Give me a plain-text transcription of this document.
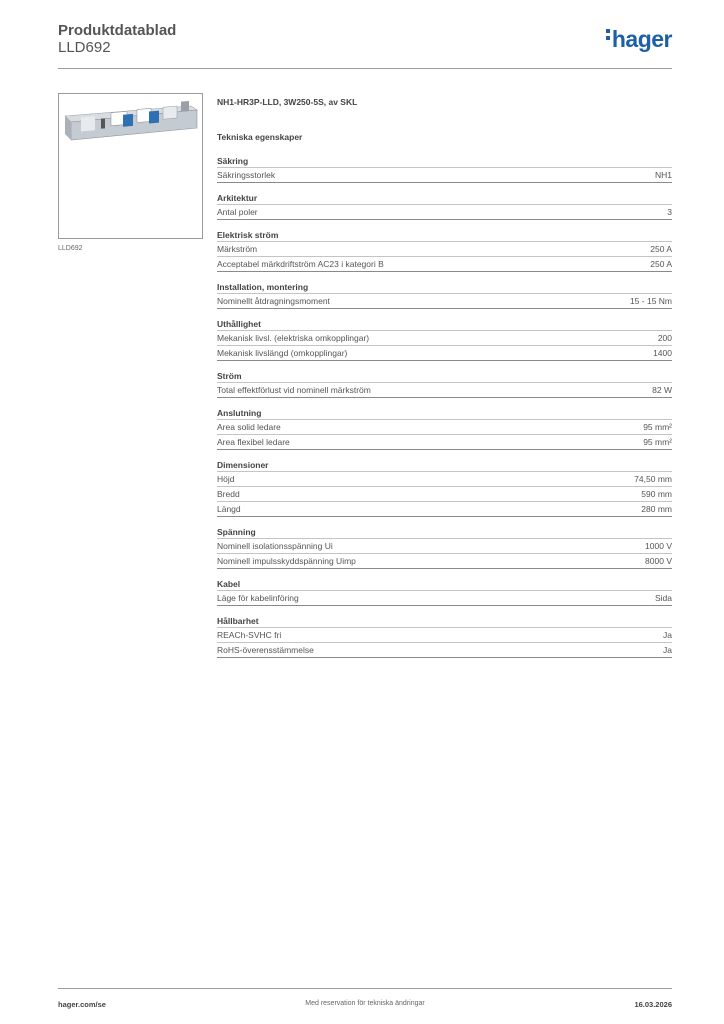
Produktdatablad
LLD692	hager
LLD692
NH1-HR3P-LLD, 3W250-5S, av SKL
Tekniska egenskaper
Säkring
Säkringsstorlek	NH1
Arkitektur
Antal poler	3
Elektrisk ström
Märkström	250 A
Acceptabel märkdriftström AC23 i kategori B	250 A
Installation, montering
Nominellt åtdragningsmoment	15 - 15 Nm
Uthållighet
Mekanisk livsl. (elektriska omkopplingar)	200
Mekanisk livslängd (omkopplingar)	1400
Ström
Total effektförlust vid nominell märkström	82 W
Anslutning
Area solid ledare	95 mm²
Area flexibel ledare	95 mm²
Dimensioner
Höjd	74,50 mm
Bredd	590 mm
Längd	280 mm
Spänning
Nominell isolationsspänning Ui	1000 V
Nominell impulsskyddspänning Uimp	8000 V
Kabel
Läge för kabelinföring	Sida
Hållbarhet
REACh-SVHC fri	Ja
RoHS-överensstämmelse	Ja
hager.com/se	Med reservation för tekniska ändringar	16.03.2026
